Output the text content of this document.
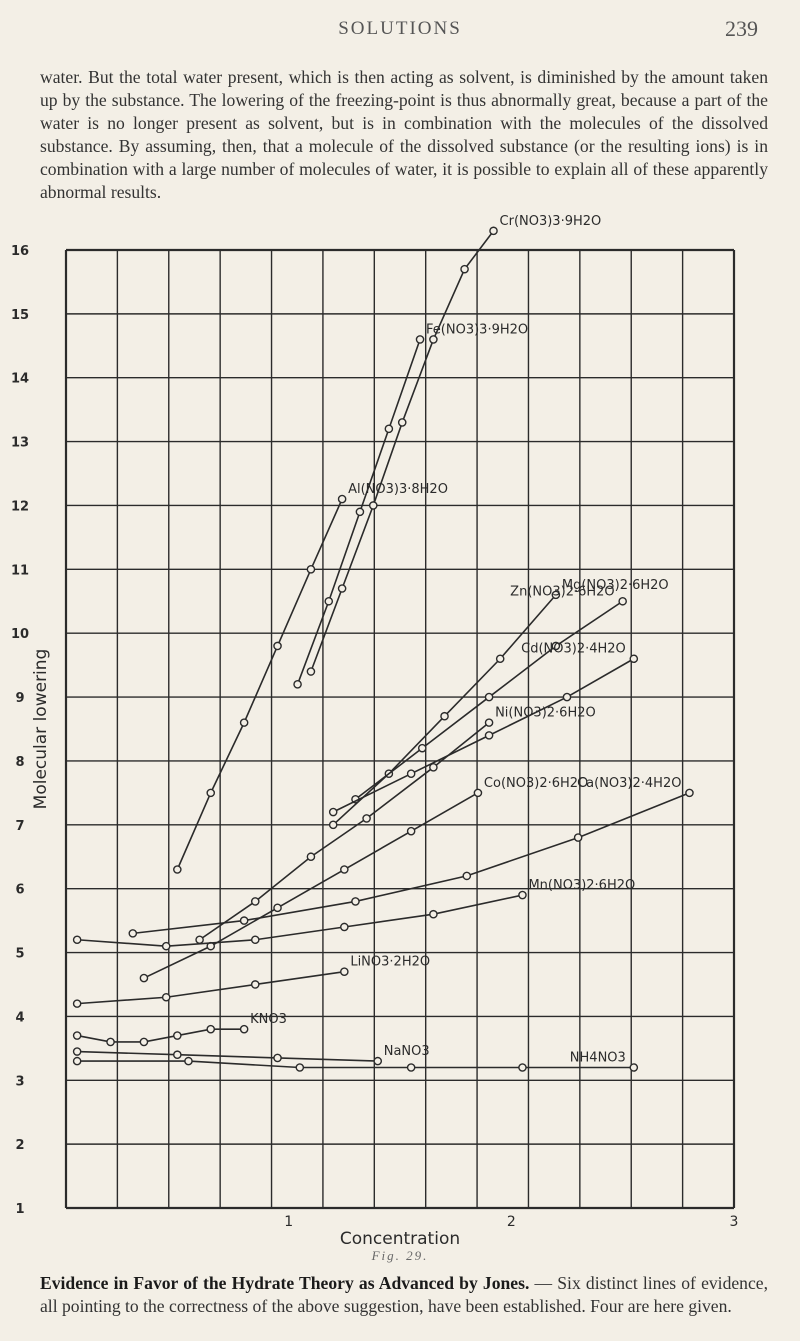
SOLUTIONS	239
water. But the total water present, which is then acting as solvent, is diminished by the amount taken up by the substance. The lowering of the freezing-point is thus abnormally great, because a part of the water is no longer present as solvent, but is in combination with the molecules of the dissolved substance. By assuming, then, that a molecule of the dissolved substance (or the resulting ions) is in combination with a large number of molecules of water, it is possible to explain all of these apparently abnormal results.
16
15
14
13
12
11
10
9
8
7
6
5
4
3
2
1
1	2	3
Concentration
Molecular lowering
Cr(NO3)3·9H2O
Fe(NO3)3·9H2O
Al(NO3)3·8H2O
Mg(NO3)2·6H2O
Zn(NO3)2·6H2O
Cd(NO3)2·4H2O
Ni(NO3)2·6H2O
Co(NO3)2·6H2O
Ca(NO3)2·4H2O
Mn(NO3)2·6H2O
LiNO3·2H2O
KNO3
NH4NO3
NaNO3
Fig. 29.
Evidence in Favor of the Hydrate Theory as Advanced by Jones. — Six distinct lines of evidence, all pointing to the correctness of the above suggestion, have been established. Four are here given.
